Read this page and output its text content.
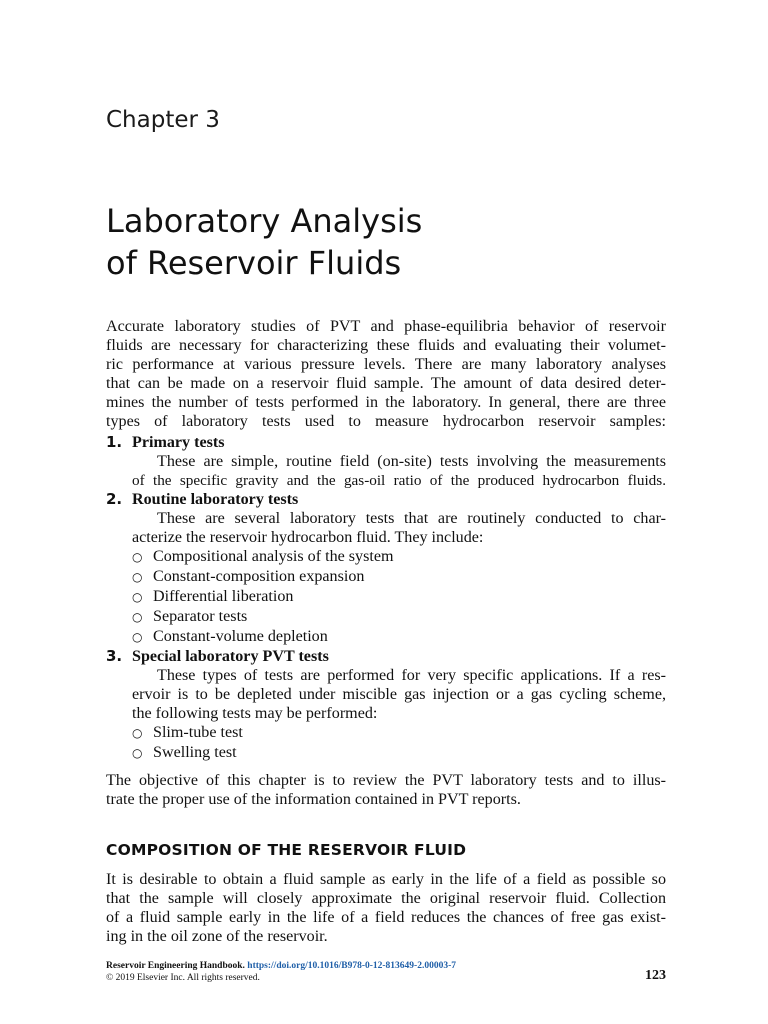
Chapter 3
Laboratory Analysis
of Reservoir Fluids

Accurate laboratory studies of PVT and phase-equilibria behavior of reservoir
fluids are necessary for characterizing these fluids and evaluating their volumet-
ric performance at various pressure levels. There are many laboratory analyses
that can be made on a reservoir fluid sample. The amount of data desired deter-
mines the number of tests performed in the laboratory. In general, there are three
types of laboratory tests used to measure hydrocarbon reservoir samples:

1. Primary tests
These are simple, routine field (on-site) tests involving the measurements
of the specific gravity and the gas-oil ratio of the produced hydrocarbon fluids.
2. Routine laboratory tests
These are several laboratory tests that are routinely conducted to char-
acterize the reservoir hydrocarbon fluid. They include:
○ Compositional analysis of the system
○ Constant-composition expansion
○ Differential liberation
○ Separator tests
○ Constant-volume depletion
3. Special laboratory PVT tests
These types of tests are performed for very specific applications. If a res-
ervoir is to be depleted under miscible gas injection or a gas cycling scheme,
the following tests may be performed:
○ Slim-tube test
○ Swelling test

The objective of this chapter is to review the PVT laboratory tests and to illus-
trate the proper use of the information contained in PVT reports.

COMPOSITION OF THE RESERVOIR FLUID

It is desirable to obtain a fluid sample as early in the life of a field as possible so
that the sample will closely approximate the original reservoir fluid. Collection
of a fluid sample early in the life of a field reduces the chances of free gas exist-
ing in the oil zone of the reservoir.

Reservoir Engineering Handbook. https://doi.org/10.1016/B978-0-12-813649-2.00003-7
© 2019 Elsevier Inc. All rights reserved.	123
